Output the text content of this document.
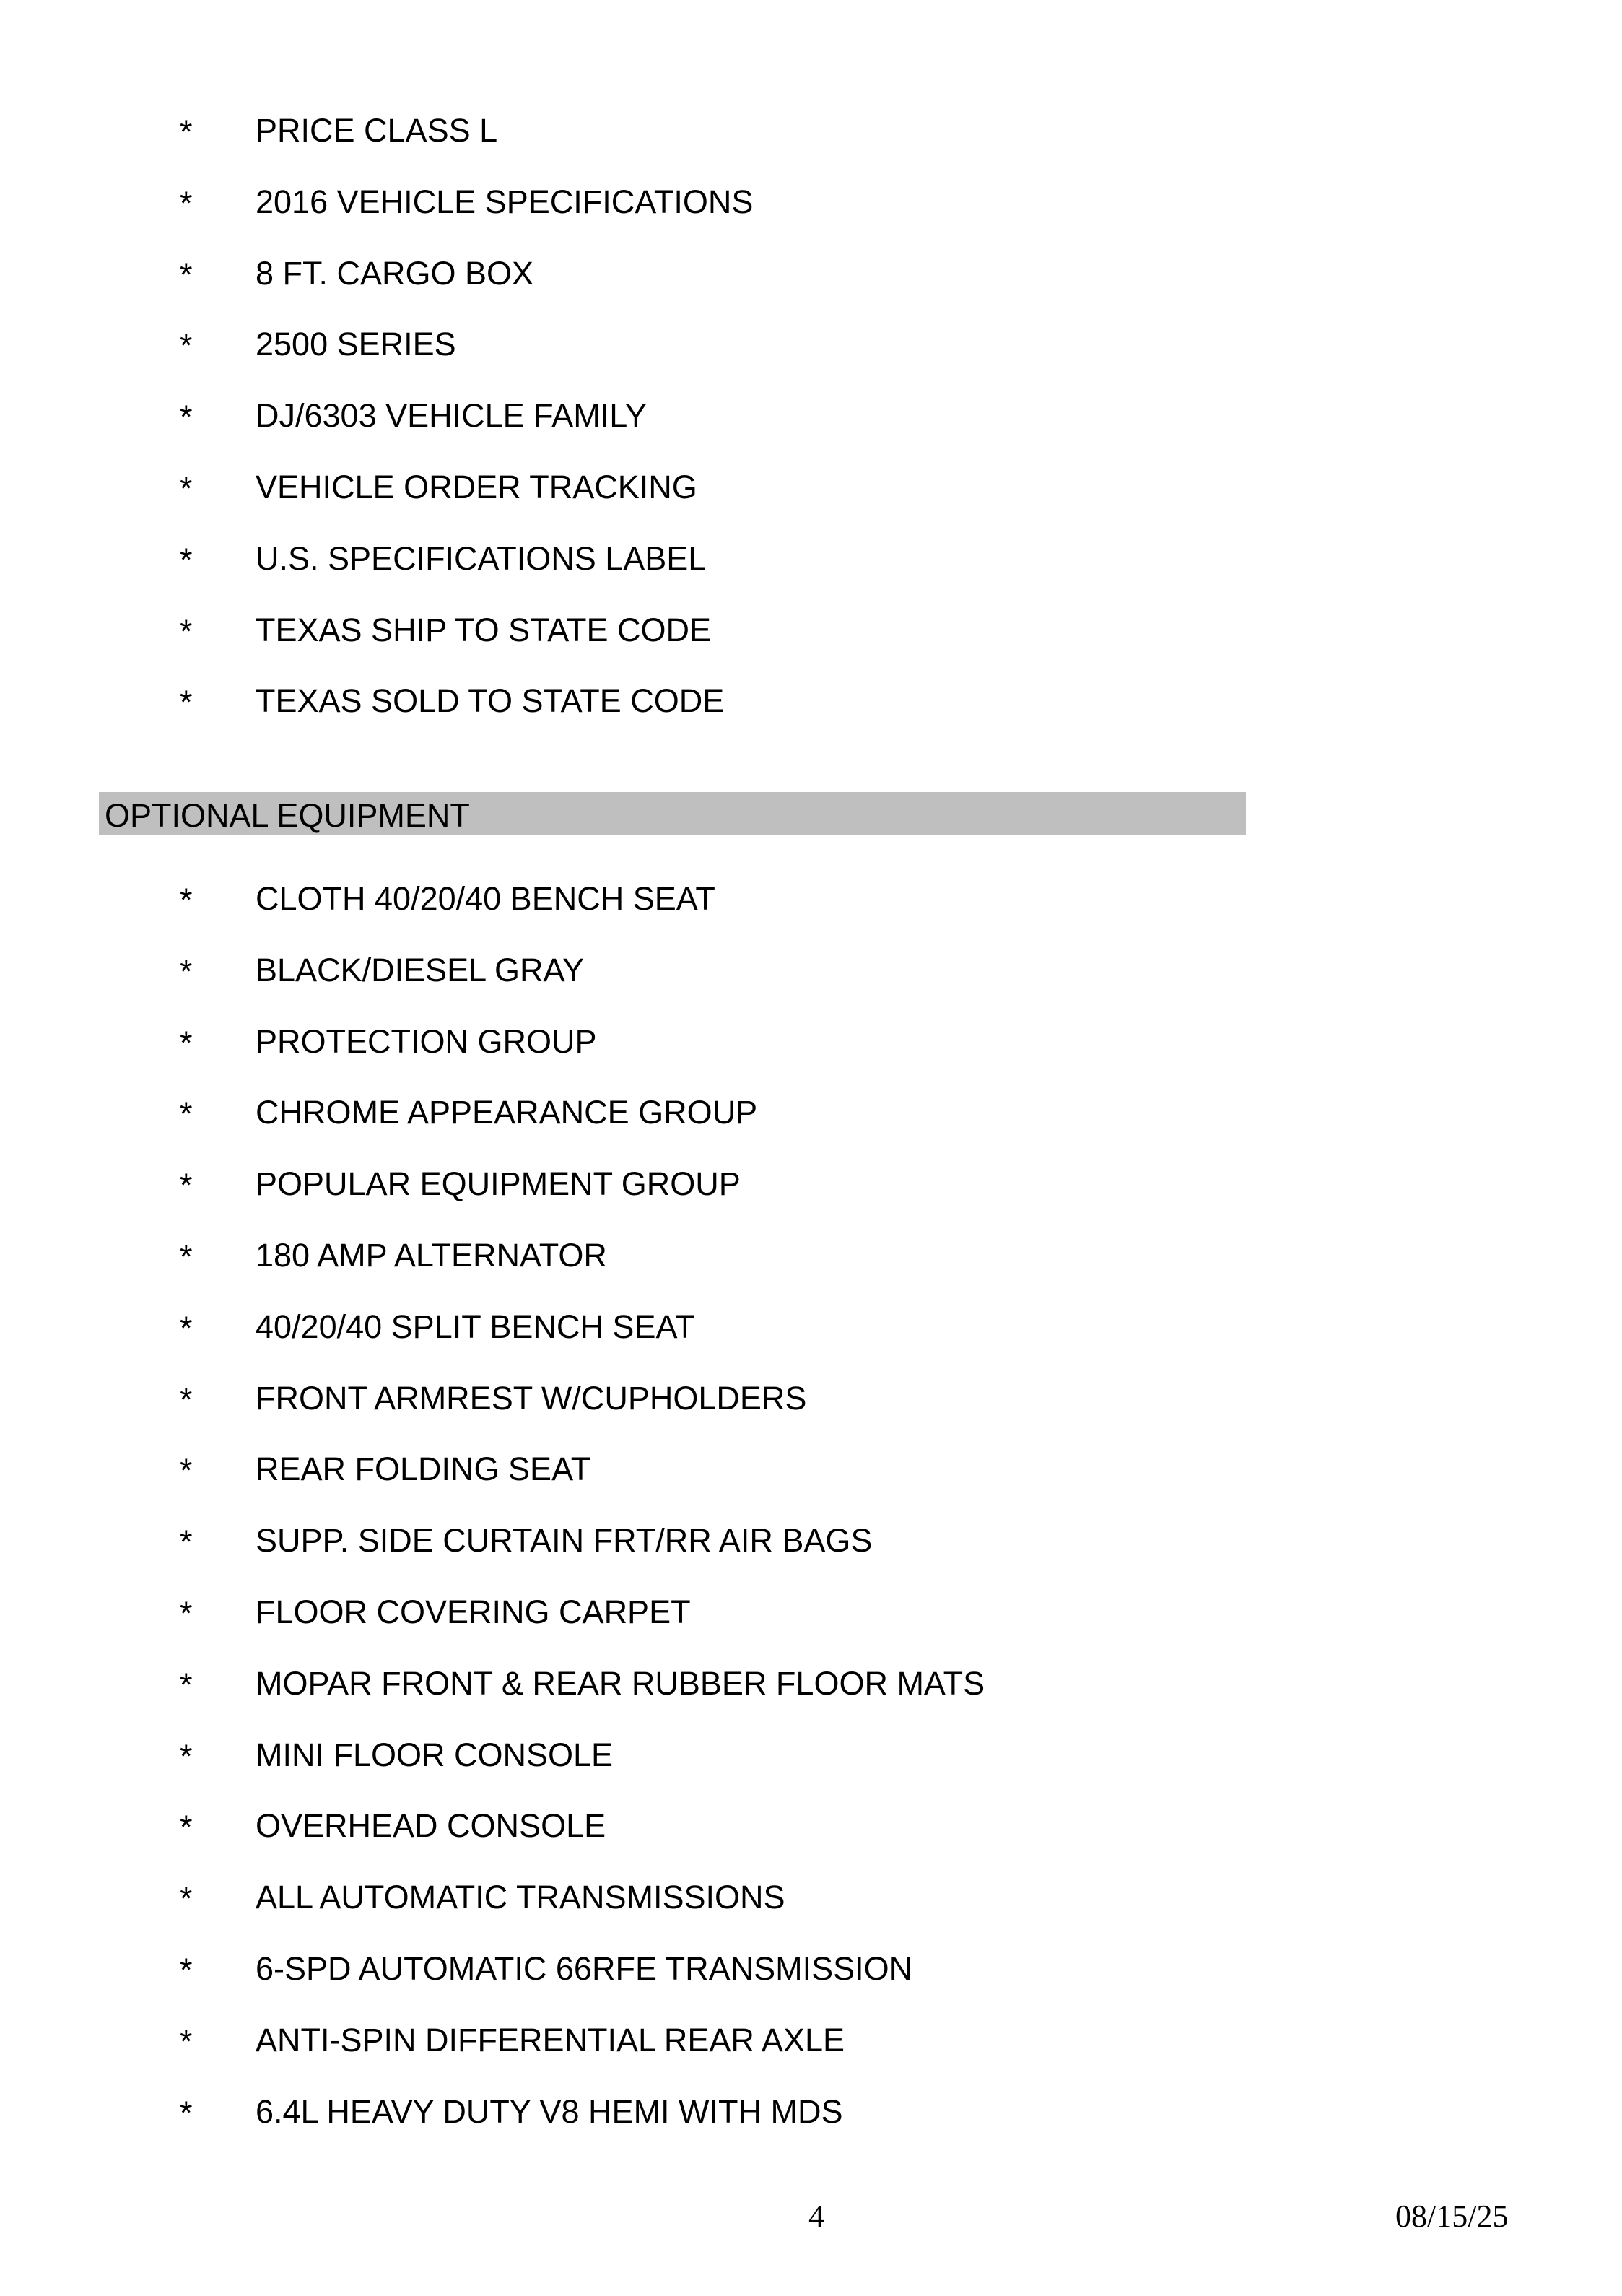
* PRICE CLASS L
* 2016 VEHICLE SPECIFICATIONS
* 8 FT. CARGO BOX
* 2500 SERIES
* DJ/6303 VEHICLE FAMILY
* VEHICLE ORDER TRACKING
* U.S. SPECIFICATIONS LABEL
* TEXAS SHIP TO STATE CODE
* TEXAS SOLD TO STATE CODE
OPTIONAL EQUIPMENT
* CLOTH 40/20/40 BENCH SEAT
* BLACK/DIESEL GRAY
* PROTECTION GROUP
* CHROME APPEARANCE GROUP
* POPULAR EQUIPMENT GROUP
* 180 AMP ALTERNATOR
* 40/20/40 SPLIT BENCH SEAT
* FRONT ARMREST W/CUPHOLDERS
* REAR FOLDING SEAT
* SUPP. SIDE CURTAIN FRT/RR AIR BAGS
* FLOOR COVERING CARPET
* MOPAR FRONT & REAR RUBBER FLOOR MATS
* MINI FLOOR CONSOLE
* OVERHEAD CONSOLE
* ALL AUTOMATIC TRANSMISSIONS
* 6-SPD AUTOMATIC 66RFE TRANSMISSION
* ANTI-SPIN DIFFERENTIAL REAR AXLE
* 6.4L HEAVY DUTY V8 HEMI WITH MDS
4	08/15/25
